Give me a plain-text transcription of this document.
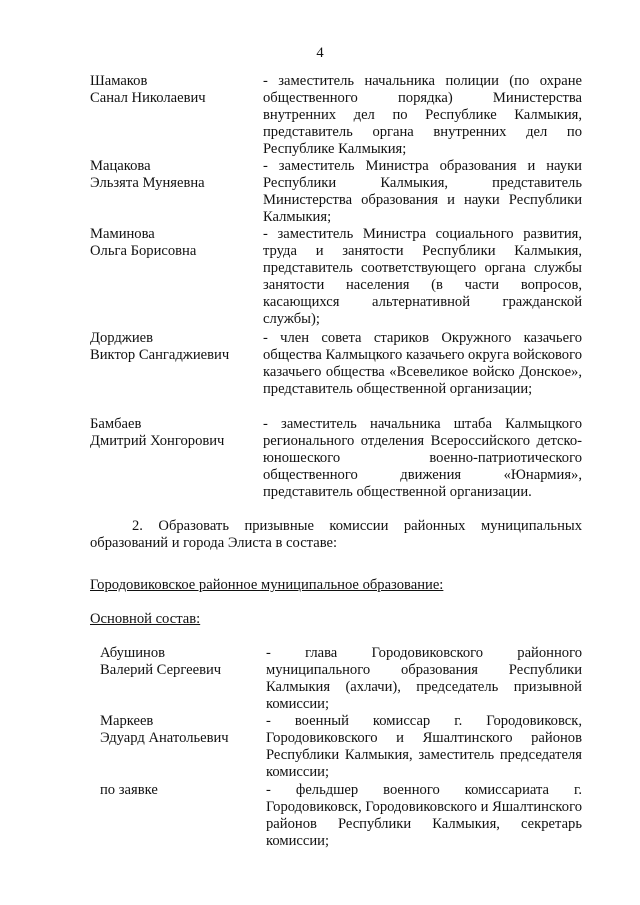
4
Шамаков
Санал Николаевич
- заместитель начальника полиции (по охране общественного порядка) Министерства внутренних дел по Республике Калмыкия, представитель органа внутренних дел по Республике Калмыкия;
Мацакова
Эльзята Муняевна
- заместитель Министра образования и науки Республики Калмыкия, представитель Министерства образования и науки Республики Калмыкия;
Маминова
Ольга Борисовна
- заместитель Министра социального развития, труда и занятости Республики Калмыкия, представитель соответствующего органа службы занятости населения (в части вопросов, касающихся альтернативной гражданской службы);
Дорджиев
Виктор Сангаджиевич
- член совета стариков Окружного казачьего общества Калмыцкого казачьего округа войскового казачьего общества «Всевеликое войско Донское», представитель общественной организации;
Бамбаев
Дмитрий Хонгорович
- заместитель начальника штаба Калмыцкого регионального отделения Всероссийского детско-юношеского военно-патриотического общественного движения «Юнармия», представитель общественной организации.
2. Образовать призывные комиссии районных муниципальных образований и города Элиста в составе:
Городовиковское районное муниципальное образование:
Основной состав:
Абушинов
Валерий Сергеевич
- глава Городовиковского районного муниципального образования Республики Калмыкия (ахлачи), председатель призывной комиссии;
Маркеев
Эдуард Анатольевич
- военный комиссар г. Городовиковск, Городовиковского и Яшалтинского районов Республики Калмыкия, заместитель председателя комиссии;
по заявке	- фельдшер военного комиссариата г. Городовиковск, Городовиковского и Яшалтинского районов Республики Калмыкия, секретарь комиссии;
